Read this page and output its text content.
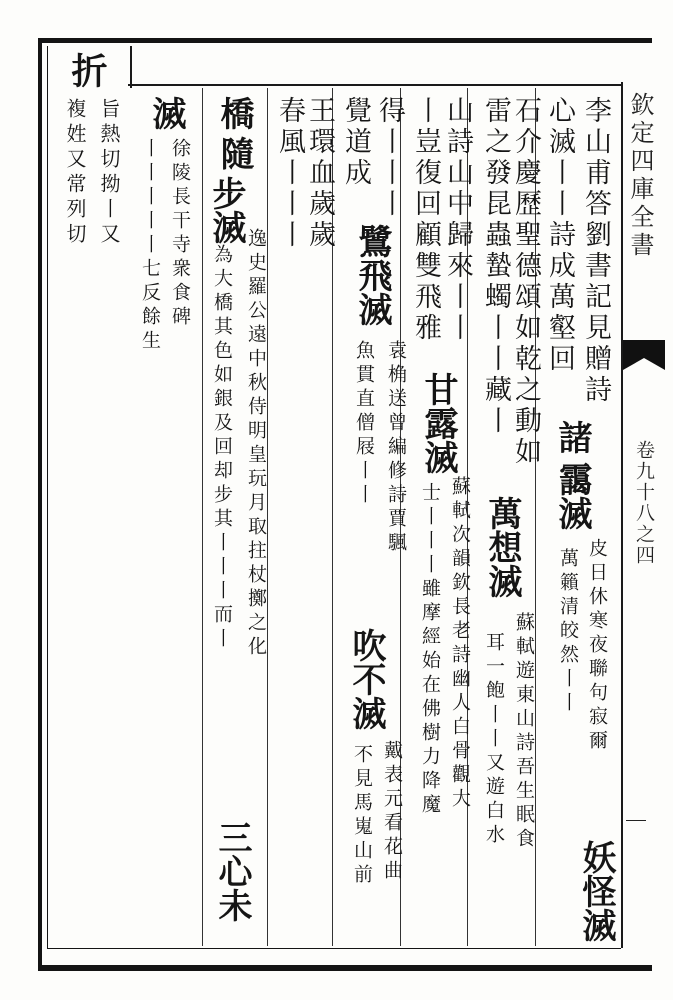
欽定四庫全書
卷九十八之四
折
李山甫答劉書記見贈詩
妖怪滅
心滅丨丨詩成萬壑回
諸
靄滅
皮日休寒夜聯句寂爾
萬籟清皎然丨丨
石介慶歷聖德頌如乾之動如
雷之發昆蟲蟄蠋丨丨藏丨
萬想滅
蘇軾遊東山詩吾生眠食
耳一飽丨丨又遊白水
山詩山中歸來丨丨
甘露滅
蘇軾次韻欽長老詩幽人白骨觀大
丨豈復回顧雙飛雅
士丨丨丨雖摩經始在佛樹力降魔
得丨丨丨
鷺飛滅
袁桷送曾編修詩賈颿
覺道成
魚貫直僧屐丨丨
吹不滅
戴表元看花曲
不見馬嵬山前
王環血歲歲
春風丨丨丨
橋
隨
步滅
逸史羅公遠中秋侍明皇玩月取拄杖擲之化
為大橋其色如銀及回却步其丨丨丨而丨
三心未
滅
徐陵長干寺衆食碑
丨丨丨丨丨七反餘生
旨熱切拗丨又
複姓又常列切
